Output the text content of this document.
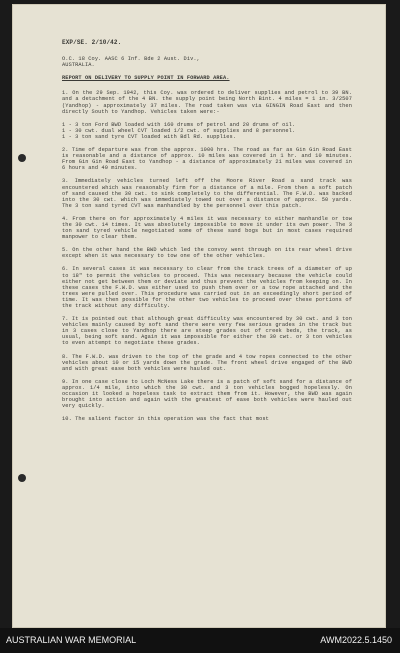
EXP/SE. 2/10/42.
O.C. 18 Coy. AASC 6 Inf. Bde 2 Aust. Div.,
AUSTRALIA.
REPORT ON DELIVERY TO SUPPLY POINT IN FORWARD AREA.
1. On the 29 Sep. 1942, this Coy. was ordered to deliver supplies and petrol to 39 BN. and a detachment of the 4 BN. the supply point being North Bint. 4 miles = 1 in. 3/2507 (Yandhop) - approximately 37 miles. The road taken was via GINGIN Road East and then directly South to Yandhop. Vehicles taken were:-
1 - 3 ton Ford BWD loaded with 160 drums of petrol and 20 drums of oil.
1 - 30 cwt. dual wheel CVT loaded 1/2 cwt. of supplies and 8 personnel.
1 - 3 ton sand tyre CVT loaded with Bdl Rd. supplies.
2. Time of departure was from the approx. 1000 hrs. The road as far as Gin Gin Road East is reasonable and a distance of approx. 10 miles was covered in 1 hr. and 10 minutes. From Gin Gin Road East to Yandhop - a distance of approximately 21 miles was covered in 6 hours and 40 minutes.
3. Immediately vehicles turned left off the Moore River Road a sand track was encountered which was reasonably firm for a distance of a mile. From then a soft patch of sand caused the 30 cwt. to sink completely to the differential. The F.W.D. was backed into the 30 cwt. which was immediately towed out over a distance of approx. 50 yards. The 3 ton sand tyred CVT was manhandled by the personnel over this patch.
4. From there on for approximately 4 miles it was necessary to either manhandle or tow the 30 cwt. 14 times. It was absolutely impossible to move it under its own power. The 3 ton sand tyred vehicle negotiated some of these sand bogs but in most cases required manpower to clear them.
5. On the other hand the BWD which led the convoy went through on its rear wheel drive except when it was necessary to tow one of the other vehicles.
6. In several cases it was necessary to clear from the track trees of a diameter of up to 18" to permit the vehicles to proceed. This was necessary because the vehicle could either not get between them or deviate and thus prevent the vehicles from keeping on. In these cases the F.W.D. was either used to push them over or a tow rope attached and the trees were pulled over. This procedure was carried out in an exceedingly short period of time. It was then possible for the other two vehicles to proceed over these portions of the track without any difficulty.
7. It is pointed out that although great difficulty was encountered by 30 cwt. and 3 ton vehicles mainly caused by soft sand there were very few serious grades in the track but in 3 cases close to Yandhop there are steep grades out of creek beds, the track, as usual, being soft sand. Again it was impossible for either the 30 cwt. or 3 ton vehicles to even attempt to negotiate these grades.
8. The F.W.D. was driven to the top of the grade and 4 tow ropes connected to the other vehicles about 10 or 15 yards down the grade. The front wheel drive engaged of the BWD and with great ease both vehicles were hauled out.
9. In one case close to Loch McNess Lake there is a patch of soft sand for a distance of approx. 1/4 mile, into which the 30 cwt. and 3 ton vehicles bogged hopelessly. On occasion it looked a hopeless task to extract them from it. However, the BWD was again brought into action and again with the greatest of ease both vehicles were hauled out very quickly.
10. The salient factor in this operation was the fact that most
AUSTRALIAN WAR MEMORIAL	AWM2022.5.1450
